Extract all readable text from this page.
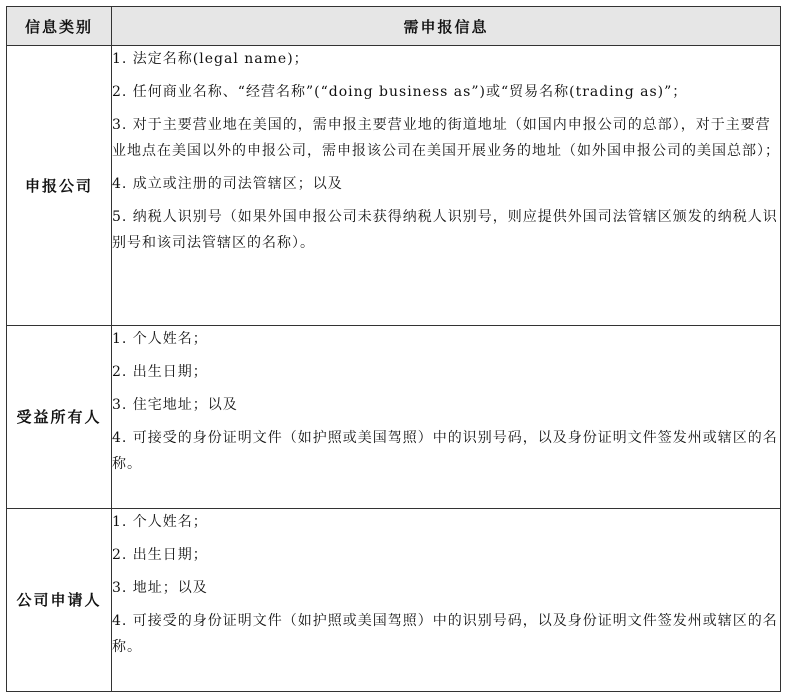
信息类别	需申报信息
申报公司	1. 法定名称(legal name)；
2. 任何商业名称、“经营名称”(“doing business as”)或“贸易名称(trading as)”；
3. 对于主要营业地在美国的，需申报主要营业地的街道地址（如国内申报公司的总部），对于主要营业地点在美国以外的申报公司，需申报该公司在美国开展业务的地址（如外国申报公司的美国总部）；
4. 成立或注册的司法管辖区；以及
5. 纳税人识别号（如果外国申报公司未获得纳税人识别号，则应提供外国司法管辖区颁发的纳税人识别号和该司法管辖区的名称）。

受益所有人	1. 个人姓名；
2. 出生日期；
3. 住宅地址；以及
4. 可接受的身份证明文件（如护照或美国驾照）中的识别号码，以及身份证明文件签发州或辖区的名称。

公司申请人	1. 个人姓名；
2. 出生日期；
3. 地址；以及
4. 可接受的身份证明文件（如护照或美国驾照）中的识别号码，以及身份证明文件签发州或辖区的名称。
